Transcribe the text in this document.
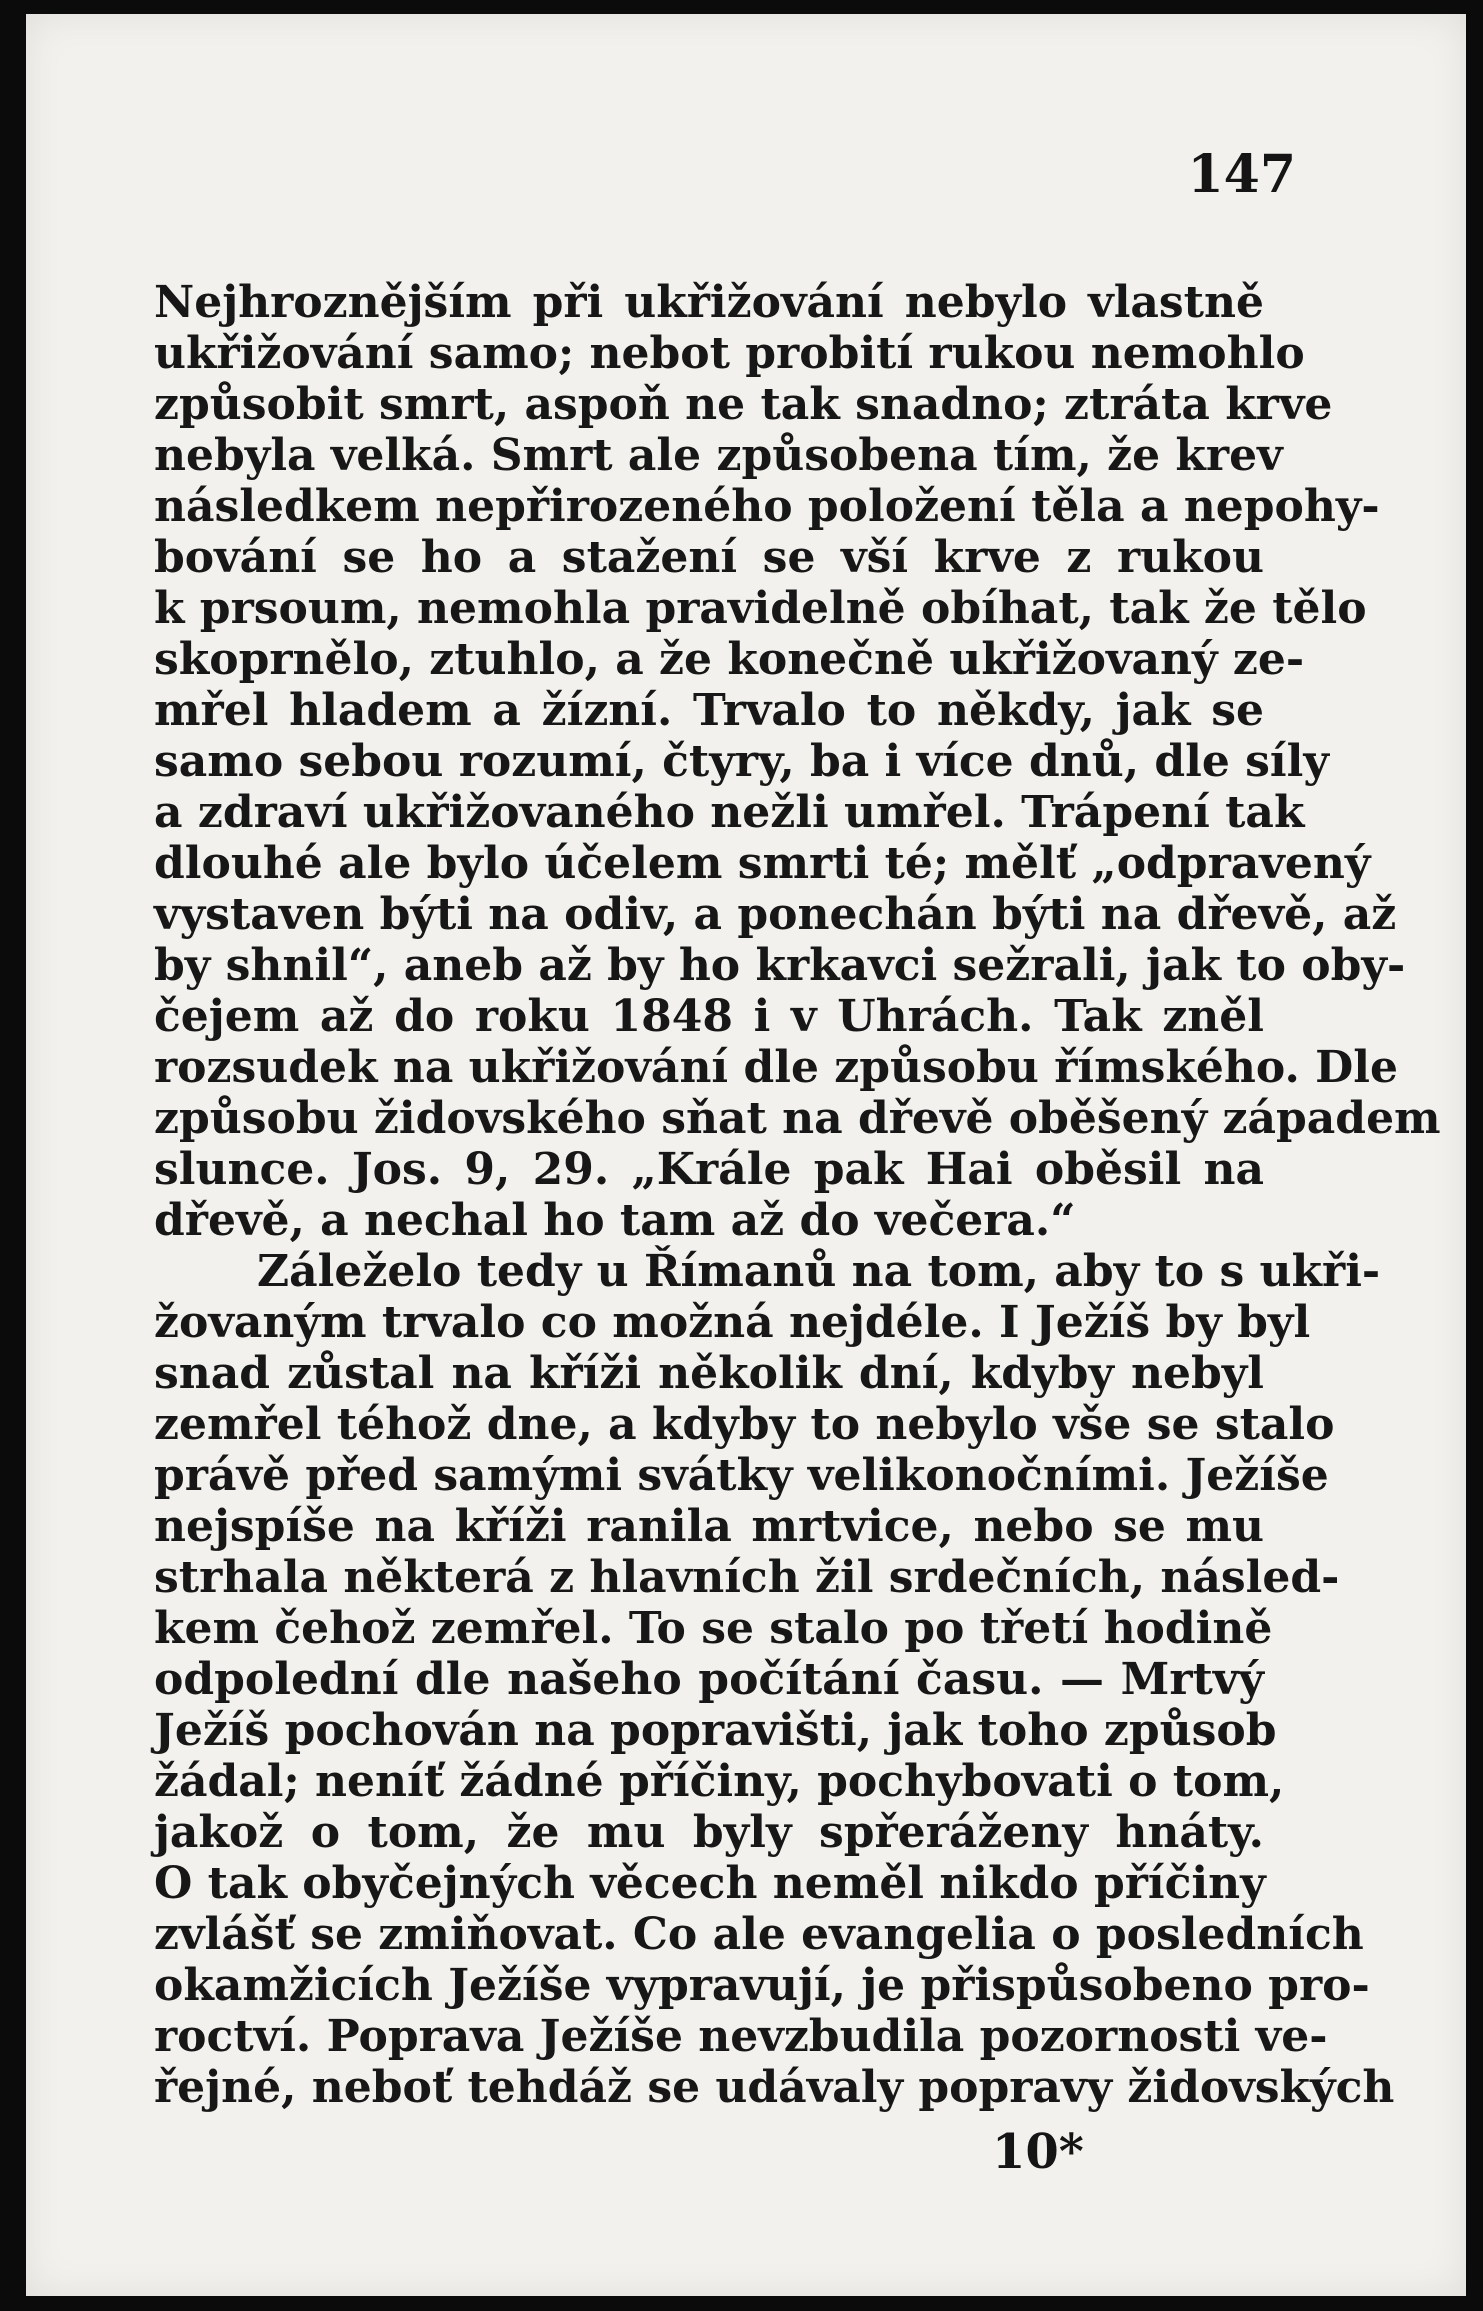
147
Nejhroznějším při ukřižování nebylo vlastně
ukřižování samo; nebot probití rukou nemohlo
způsobit smrt, aspoň ne tak snadno; ztráta krve
nebyla velká. Smrt ale způsobena tím, že krev
následkem nepřirozeného položení těla a nepohy-
bování se ho a stažení se vší krve z rukou
k prsoum, nemohla pravidelně obíhat, tak že tělo
skoprnělo, ztuhlo, a že konečně ukřižovaný ze-
mřel hladem a žízní. Trvalo to někdy, jak se
samo sebou rozumí, čtyry, ba i více dnů, dle síly
a zdraví ukřižovaného nežli umřel. Trápení tak
dlouhé ale bylo účelem smrti té; mělť „odpravený
vystaven býti na odiv, a ponechán býti na dřevě, až
by shnil“, aneb až by ho krkavci sežrali, jak to oby-
čejem až do roku 1848 i v Uhrách. Tak zněl
rozsudek na ukřižování dle způsobu římského. Dle
způsobu židovského sňat na dřevě oběšený západem
slunce. Jos. 9, 29. „Krále pak Hai oběsil na
dřevě, a nechal ho tam až do večera.“
Záleželo tedy u Římanů na tom, aby to s ukři-
žovaným trvalo co možná nejdéle. I Ježíš by byl
snad zůstal na kříži několik dní, kdyby nebyl
zemřel téhož dne, a kdyby to nebylo vše se stalo
právě před samými svátky velikonočními. Ježíše
nejspíše na kříži ranila mrtvice, nebo se mu
strhala některá z hlavních žil srdečních, násled-
kem čehož zemřel. To se stalo po třetí hodině
odpolední dle našeho počítání času. — Mrtvý
Ježíš pochován na popravišti, jak toho způsob
žádal; neníť žádné příčiny, pochybovati o tom,
jakož o tom, že mu byly spřeráženy hnáty.
O tak obyčejných věcech neměl nikdo příčiny
zvlášť se zmiňovat. Co ale evangelia o posledních
okamžicích Ježíše vypravují, je přispůsobeno pro-
roctví. Poprava Ježíše nevzbudila pozornosti ve-
řejné, neboť tehdáž se udávaly popravy židovských
10*
